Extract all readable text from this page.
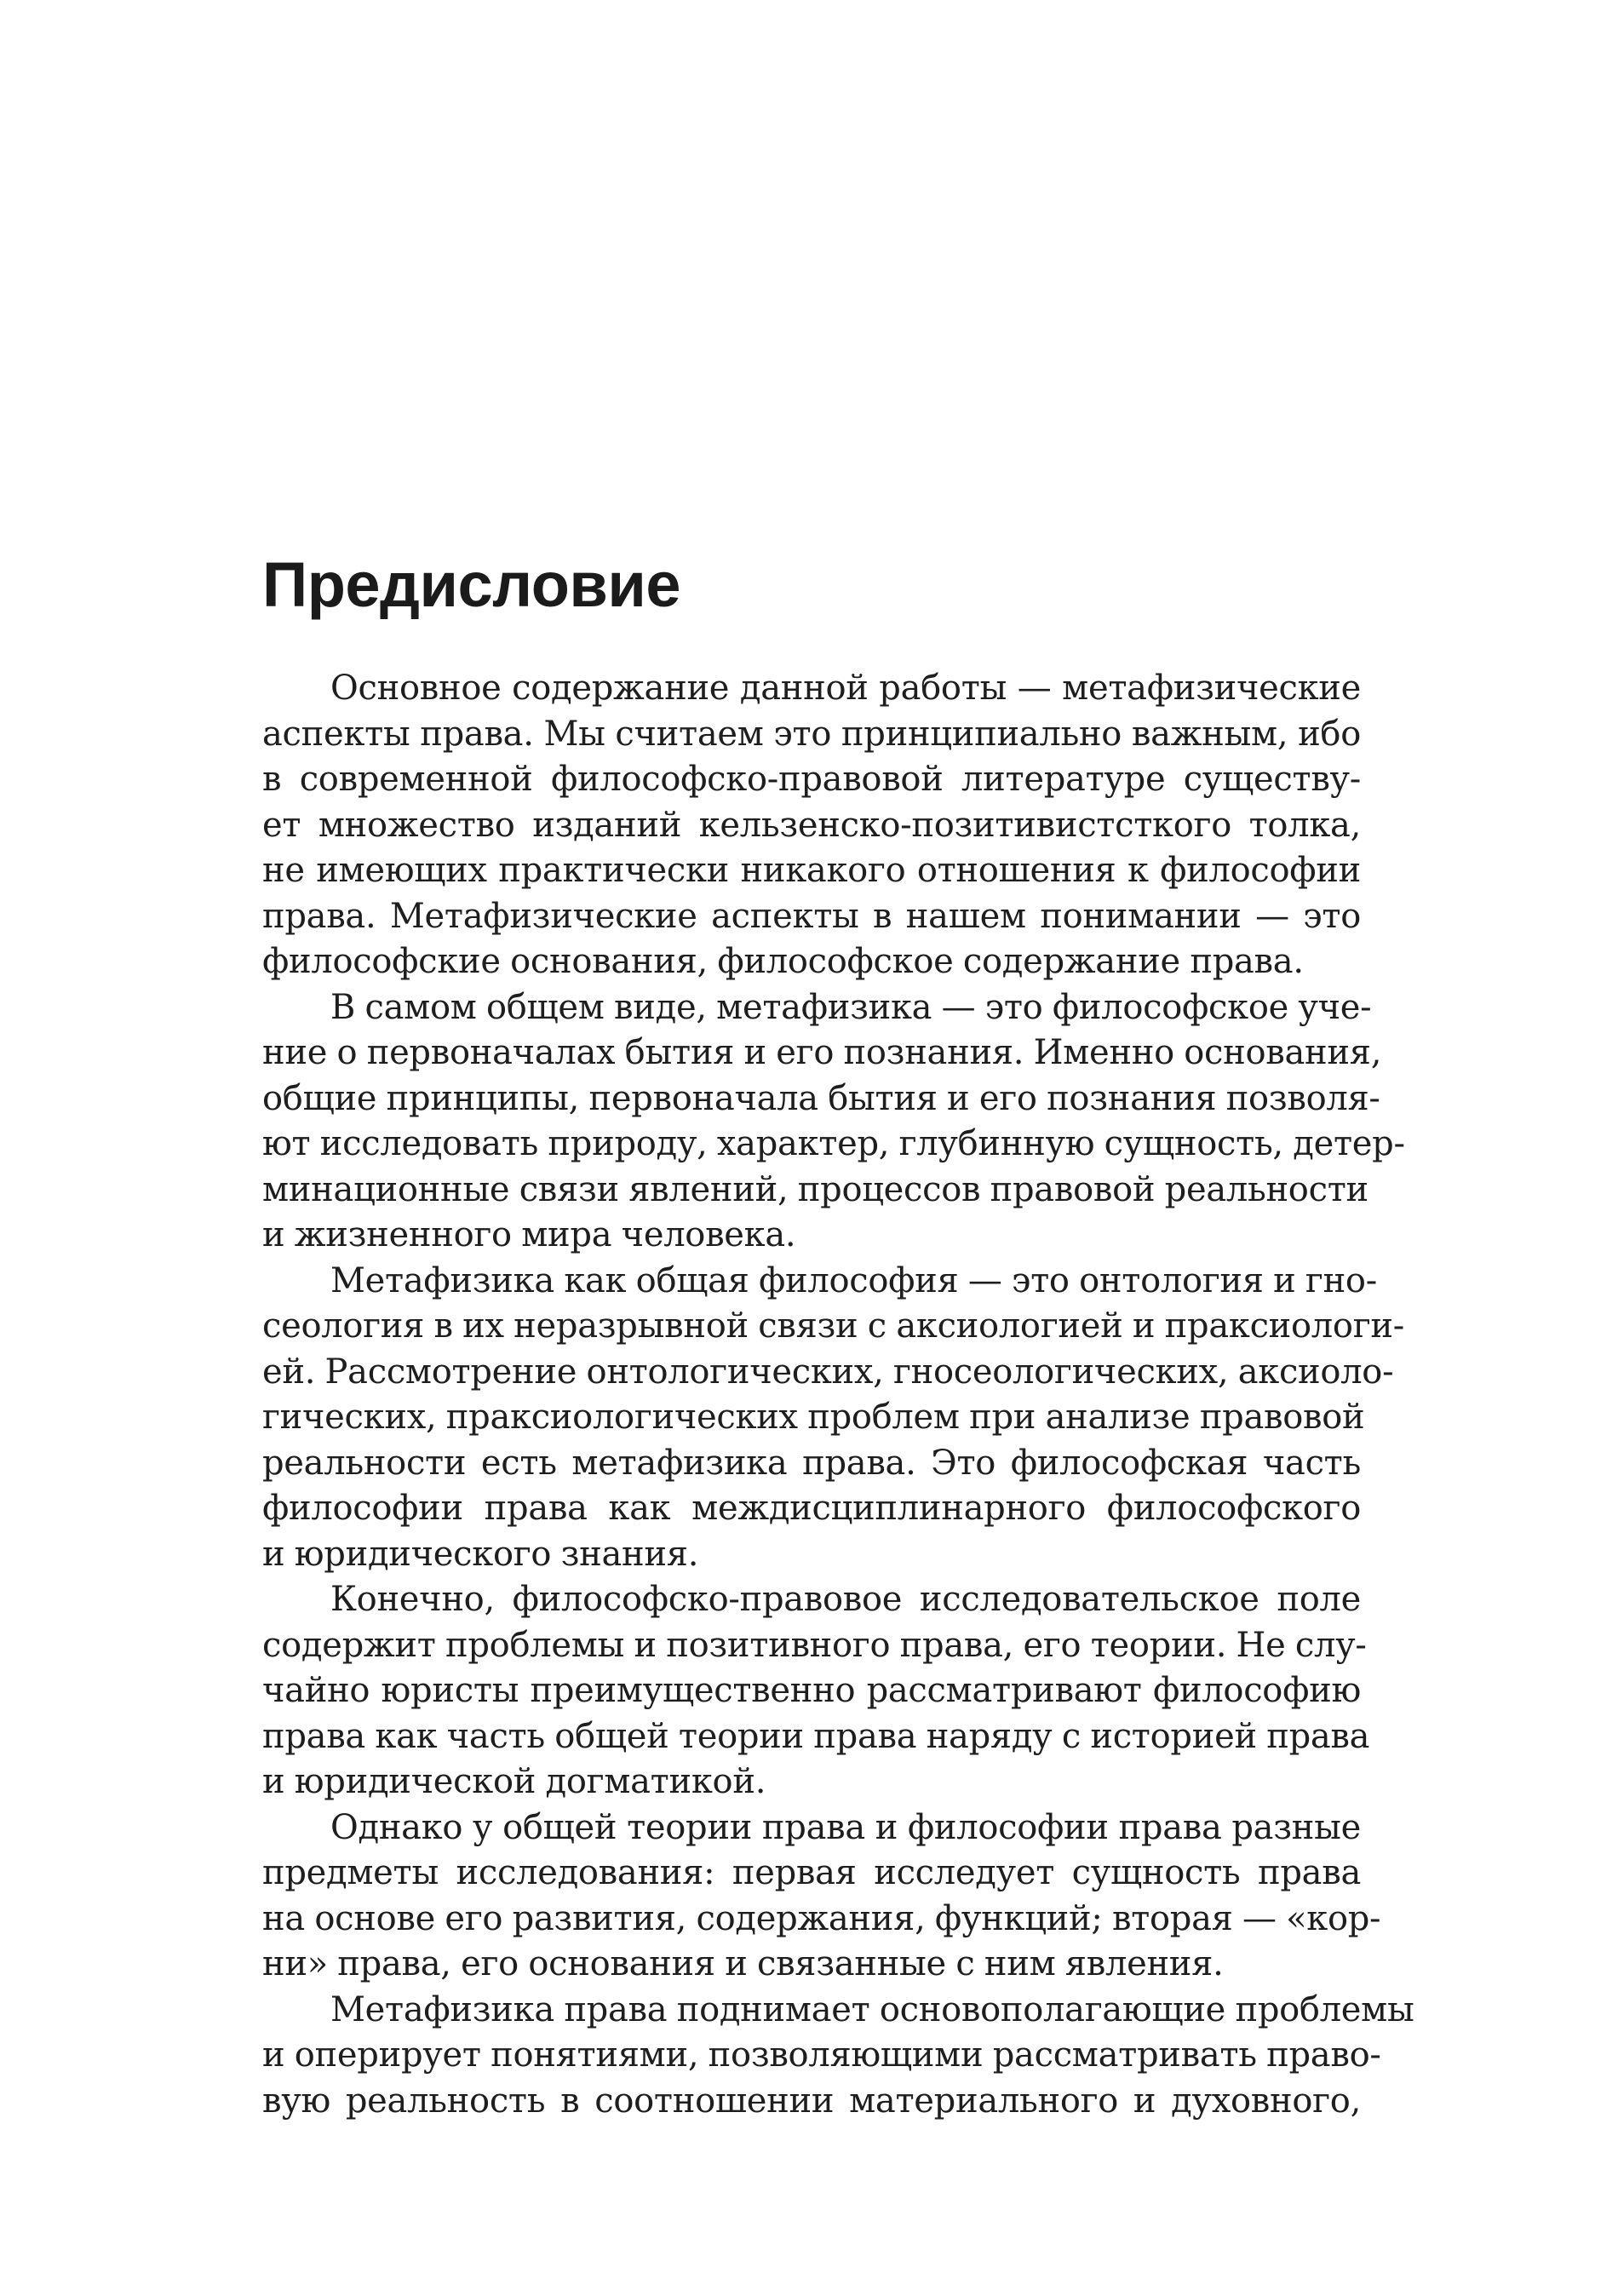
Предисловие
Основное содержание данной работы — метафизические
аспекты права. Мы считаем это принципиально важным, ибо
в современной философско-правовой литературе существу-
ет множество изданий кельзенско-позитивистсткого толка,
не имеющих практически никакого отношения к философии
права. Метафизические аспекты в нашем понимании — это
философские основания, философское содержание права.
В самом общем виде, метафизика — это философское уче-
ние о первоначалах бытия и его познания. Именно основания,
общие принципы, первоначала бытия и его познания позволя-
ют исследовать природу, характер, глубинную сущность, детер-
минационные связи явлений, процессов правовой реальности
и жизненного мира человека.
Метафизика как общая философия — это онтология и гно-
сеология в их неразрывной связи с аксиологией и праксиологи-
ей. Рассмотрение онтологических, гносеологических, аксиоло-
гических, праксиологических проблем при анализе правовой
реальности есть метафизика права. Это философская часть
философии права как междисциплинарного философского
и юридического знания.
Конечно, философско-правовое исследовательское поле
содержит проблемы и позитивного права, его теории. Не слу-
чайно юристы преимущественно рассматривают философию
права как часть общей теории права наряду с историей права
и юридической догматикой.
Однако у общей теории права и философии права разные
предметы исследования: первая исследует сущность права
на основе его развития, содержания, функций; вторая — «кор-
ни» права, его основания и связанные с ним явления.
Метафизика права поднимает основополагающие проблемы
и оперирует понятиями, позволяющими рассматривать право-
вую реальность в соотношении материального и духовного,
